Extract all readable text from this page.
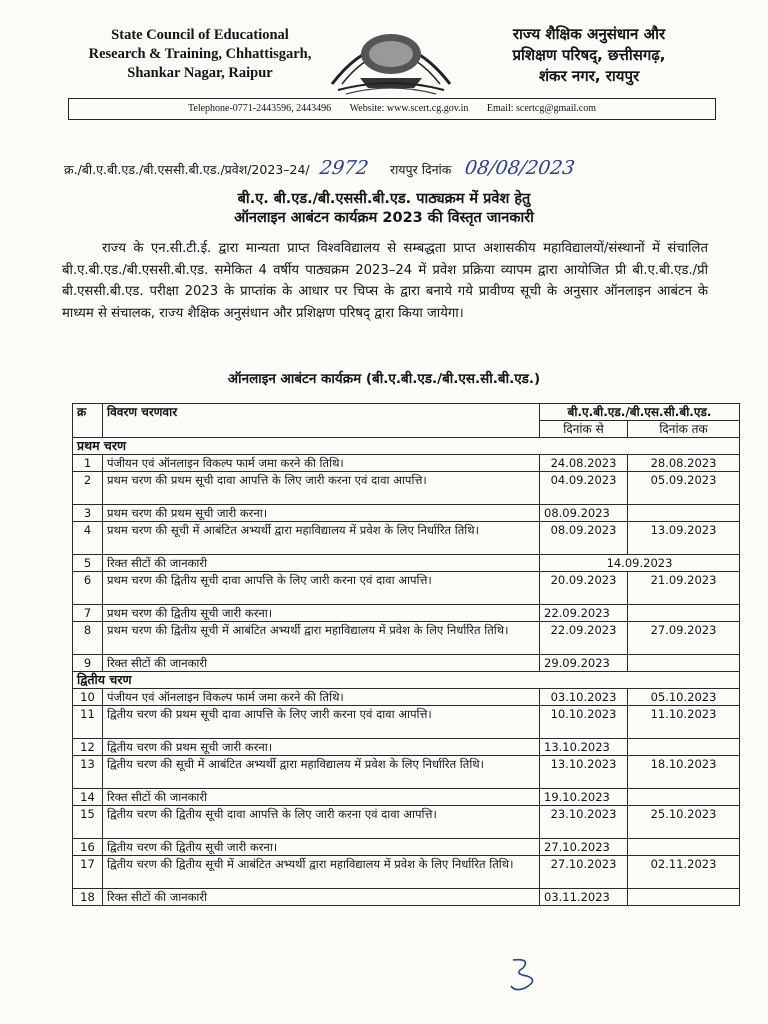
State Council of Educational
Research & Training, Chhattisgarh,
Shankar Nagar, Raipur
राज्य शैक्षिक अनुसंधान और
प्रशिक्षण परिषद्, छत्तीसगढ़,
शंकर नगर, रायपुर
Telephone-0771-2443596, 2443496 Website: www.scert.cg.gov.in Email: scertcg@gmail.com
क्र./बी.ए.बी.एड./बी.एससी.बी.एड./प्रवेश/2023–24/ 2972 रायपुर दिनांक 08/08/2023
बी.ए. बी.एड./बी.एससी.बी.एड. पाठ्यक्रम में प्रवेश हेतु
ऑनलाइन आबंटन कार्यक्रम 2023 की विस्तृत जानकारी
राज्य के एन.सी.टी.ई. द्वारा मान्यता प्राप्त विश्वविद्यालय से सम्बद्धता प्राप्त अशासकीय महाविद्यालयों/संस्थानों में संचालित बी.ए.बी.एड./बी.एससी.बी.एड. समेकित 4 वर्षीय पाठ्यक्रम 2023–24 में प्रवेश प्रक्रिया व्यापम द्वारा आयोजित प्री बी.ए.बी.एड./प्री बी.एससी.बी.एड. परीक्षा 2023 के प्राप्तांक के आधार पर चिप्स के द्वारा बनाये गये प्रावीण्य सूची के अनुसार ऑनलाइन आबंटन के माध्यम से संचालक, राज्य शैक्षिक अनुसंधान और प्रशिक्षण परिषद् द्वारा किया जायेगा।
ऑनलाइन आबंटन कार्यक्रम (बी.ए.बी.एड./बी.एस.सी.बी.एड.)
क्र	विवरण चरणवार	बी.ए.बी.एड./बी.एस.सी.बी.एड.	
		दिनांक से	दिनांक तक
प्रथम चरण			
1	पंजीयन एवं ऑनलाइन विकल्प फार्म जमा करने की तिथि।	24.08.2023	28.08.2023
2	प्रथम चरण की प्रथम सूची दावा आपत्ति के लिए जारी करना एवं दावा आपत्ति।	04.09.2023	05.09.2023
3	प्रथम चरण की प्रथम सूची जारी करना।	08.09.2023	
4	प्रथम चरण की सूची में आबंटित अभ्यर्थी द्वारा महाविद्यालय में प्रवेश के लिए निर्धारित तिथि।	08.09.2023	13.09.2023
5	रिक्त सीटों की जानकारी	14.09.2023	
6	प्रथम चरण की द्वितीय सूची दावा आपत्ति के लिए जारी करना एवं दावा आपत्ति।	20.09.2023	21.09.2023
7	प्रथम चरण की द्वितीय सूची जारी करना।	22.09.2023	
8	प्रथम चरण की द्वितीय सूची में आबंटित अभ्यर्थी द्वारा महाविद्यालय में प्रवेश के लिए निर्धारित तिथि।	22.09.2023	27.09.2023
9	रिक्त सीटों की जानकारी	29.09.2023	
द्वितीय चरण			
10	पंजीयन एवं ऑनलाइन विकल्प फार्म जमा करने की तिथि।	03.10.2023	05.10.2023
11	द्वितीय चरण की प्रथम सूची दावा आपत्ति के लिए जारी करना एवं दावा आपत्ति।	10.10.2023	11.10.2023
12	द्वितीय चरण की प्रथम सूची जारी करना।	13.10.2023	
13	द्वितीय चरण की सूची में आबंटित अभ्यर्थी द्वारा महाविद्यालय में प्रवेश के लिए निर्धारित तिथि।	13.10.2023	18.10.2023
14	रिक्त सीटों की जानकारी	19.10.2023	
15	द्वितीय चरण की द्वितीय सूची दावा आपत्ति के लिए जारी करना एवं दावा आपत्ति।	23.10.2023	25.10.2023
16	द्वितीय चरण की द्वितीय सूची जारी करना।	27.10.2023	
17	द्वितीय चरण की द्वितीय सूची में आबंटित अभ्यर्थी द्वारा महाविद्यालय में प्रवेश के लिए निर्धारित तिथि।	27.10.2023	02.11.2023
18	रिक्त सीटों की जानकारी	03.11.2023	
